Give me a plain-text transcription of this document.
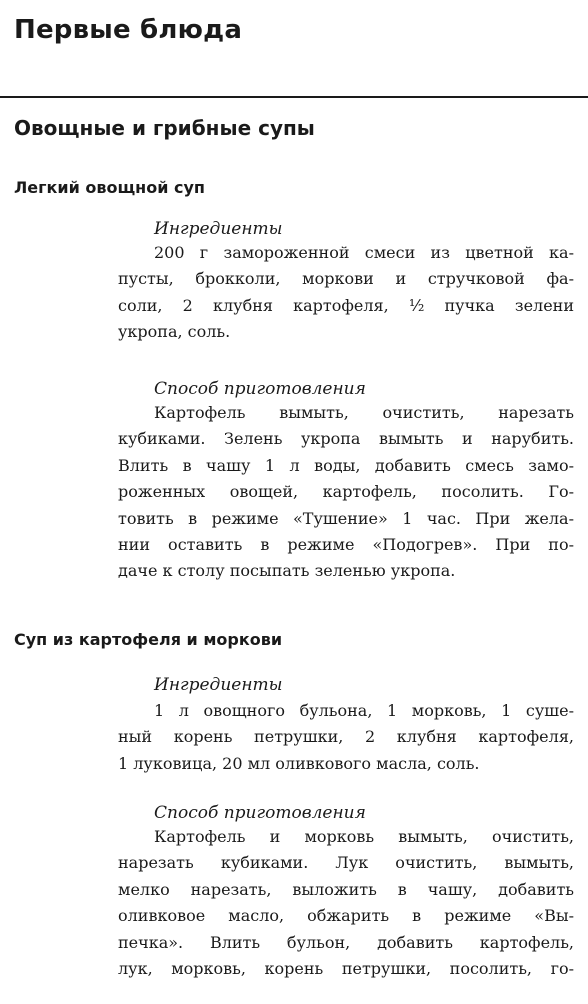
Первые блюда
Овощные и грибные супы
Легкий овощной суп

Ингредиенты

200 г замороженной смеси из цветной ка-
пусты, брокколи, моркови и стручковой фа-
соли, 2 клубня картофеля, ¹⁄₂ пучка зелени
укропа, соль.

Способ приготовления

Картофель вымыть, очистить, нарезать
кубиками. Зелень укропа вымыть и нарубить.
Влить в чашу 1 л воды, добавить смесь замо-
роженных овощей, картофель, посолить. Го-
товить в режиме «Тушение» 1 час. При жела-
нии оставить в режиме «Подогрев». При по-
даче к столу посыпать зеленью укропа.
Суп из картофеля и моркови

Ингредиенты

1 л овощного бульона, 1 морковь, 1 суше-
ный корень петрушки, 2 клубня картофеля,
1 луковица, 20 мл оливкового масла, соль.

Способ приготовления

Картофель и морковь вымыть, очистить,
нарезать кубиками. Лук очистить, вымыть,
мелко нарезать, выложить в чашу, добавить
оливковое масло, обжарить в режиме «Вы-
печка». Влить бульон, добавить картофель,
лук, морковь, корень петрушки, посолить, го-
